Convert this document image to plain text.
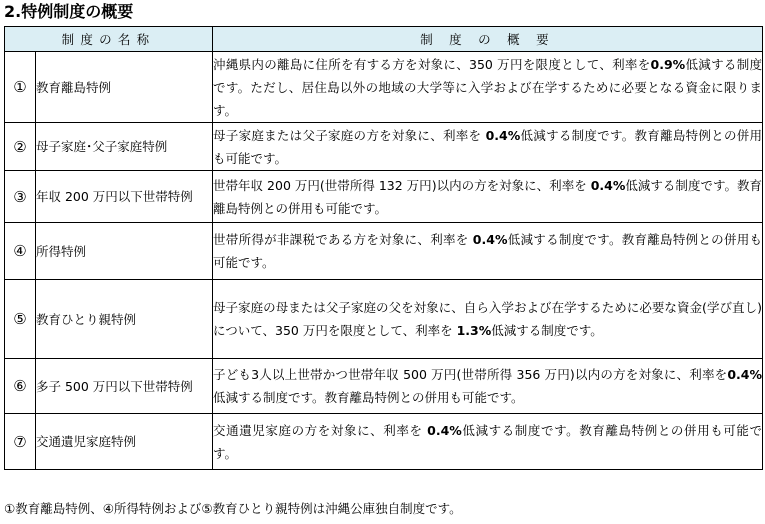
2.特例制度の概要
制度の名称		制 度 の 概 要
①	教育離島特例	沖縄県内の離島に住所を有する方を対象に、350 万円を限度として、利率を0.9%低減する制度です。ただし、居住島以外の地域の大学等に入学および在学するために必要となる資金に限ります。
②	母子家庭･父子家庭特例	母子家庭または父子家庭の方を対象に、利率を 0.4%低減する制度です。教育離島特例との併用も可能です。
③	年収 200 万円以下世帯特例	世帯年収 200 万円(世帯所得 132 万円)以内の方を対象に、利率を 0.4%低減する制度です。教育離島特例との併用も可能です。
④	所得特例	世帯所得が非課税である方を対象に、利率を 0.4%低減する制度です。教育離島特例との併用も可能です。
⑤	教育ひとり親特例	母子家庭の母または父子家庭の父を対象に、自ら入学および在学するために必要な資金(学び直し)について、350 万円を限度として、利率を 1.3%低減する制度です。
⑥	多子 500 万円以下世帯特例	子ども3人以上世帯かつ世帯年収 500 万円(世帯所得 356 万円)以内の方を対象に、利率を0.4%低減する制度です。教育離島特例との併用も可能です。
⑦	交通遺児家庭特例	交通遺児家庭の方を対象に、利率を 0.4%低減する制度です。教育離島特例との併用も可能です。
①教育離島特例、④所得特例および⑤教育ひとり親特例は沖縄公庫独自制度です。
